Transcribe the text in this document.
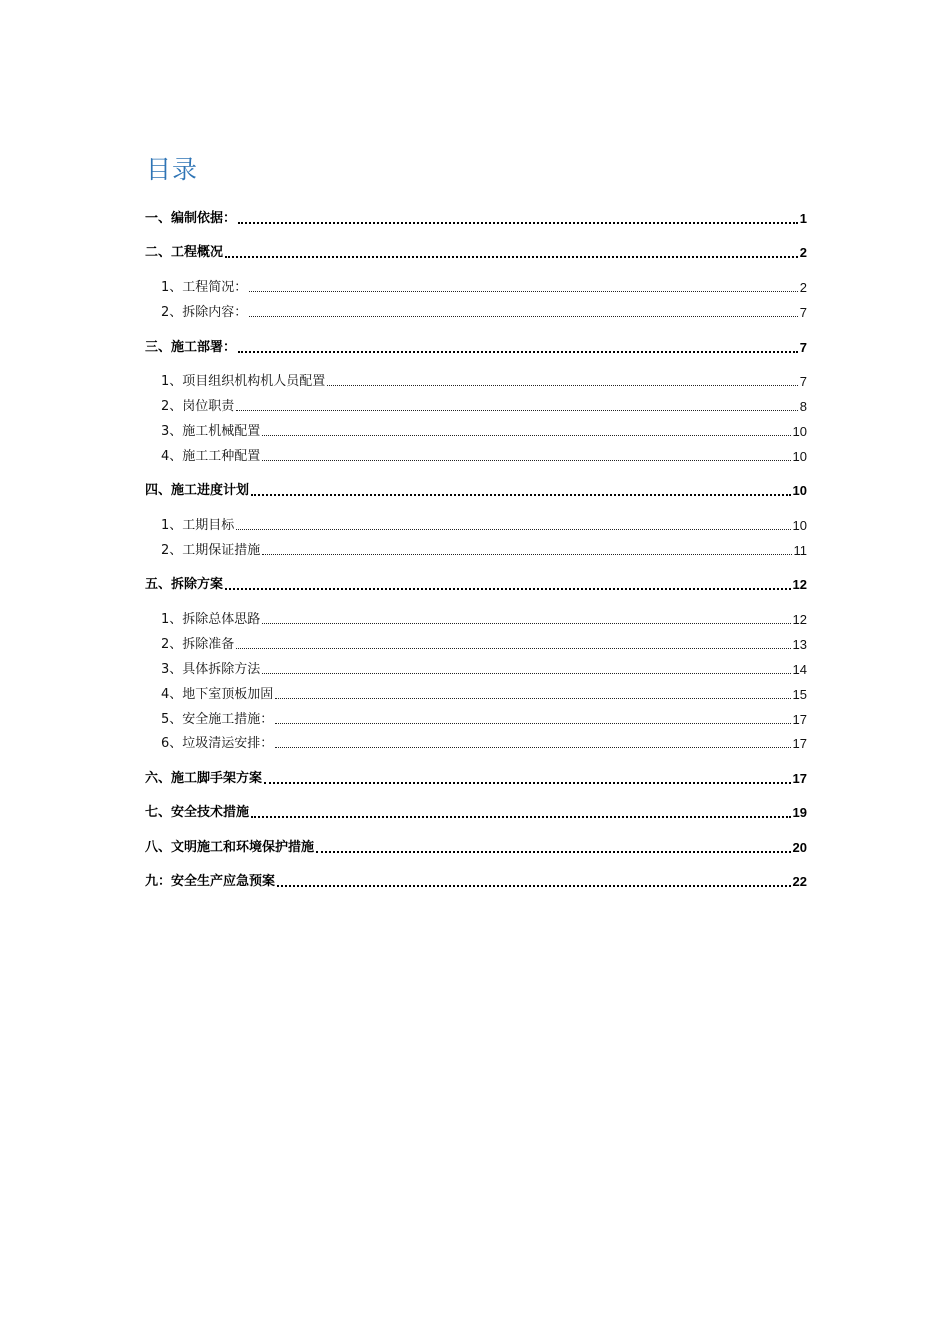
目录
一、编制依据：	1
二、工程概况	2
1、工程简况：	2
2、拆除内容：	7
三、施工部署：	7
1、项目组织机构机人员配置	7
2、岗位职责	8
3、施工机械配置	10
4、施工工种配置	10
四、施工进度计划	10
1、工期目标	10
2、工期保证措施	11
五、拆除方案	12
1、拆除总体思路	12
2、拆除准备	13
3、具体拆除方法	14
4、地下室顶板加固	15
5、安全施工措施：	17
6、垃圾清运安排：	17
六、施工脚手架方案	17
七、安全技术措施	19
八、文明施工和环境保护措施	20
九：安全生产应急预案	22
